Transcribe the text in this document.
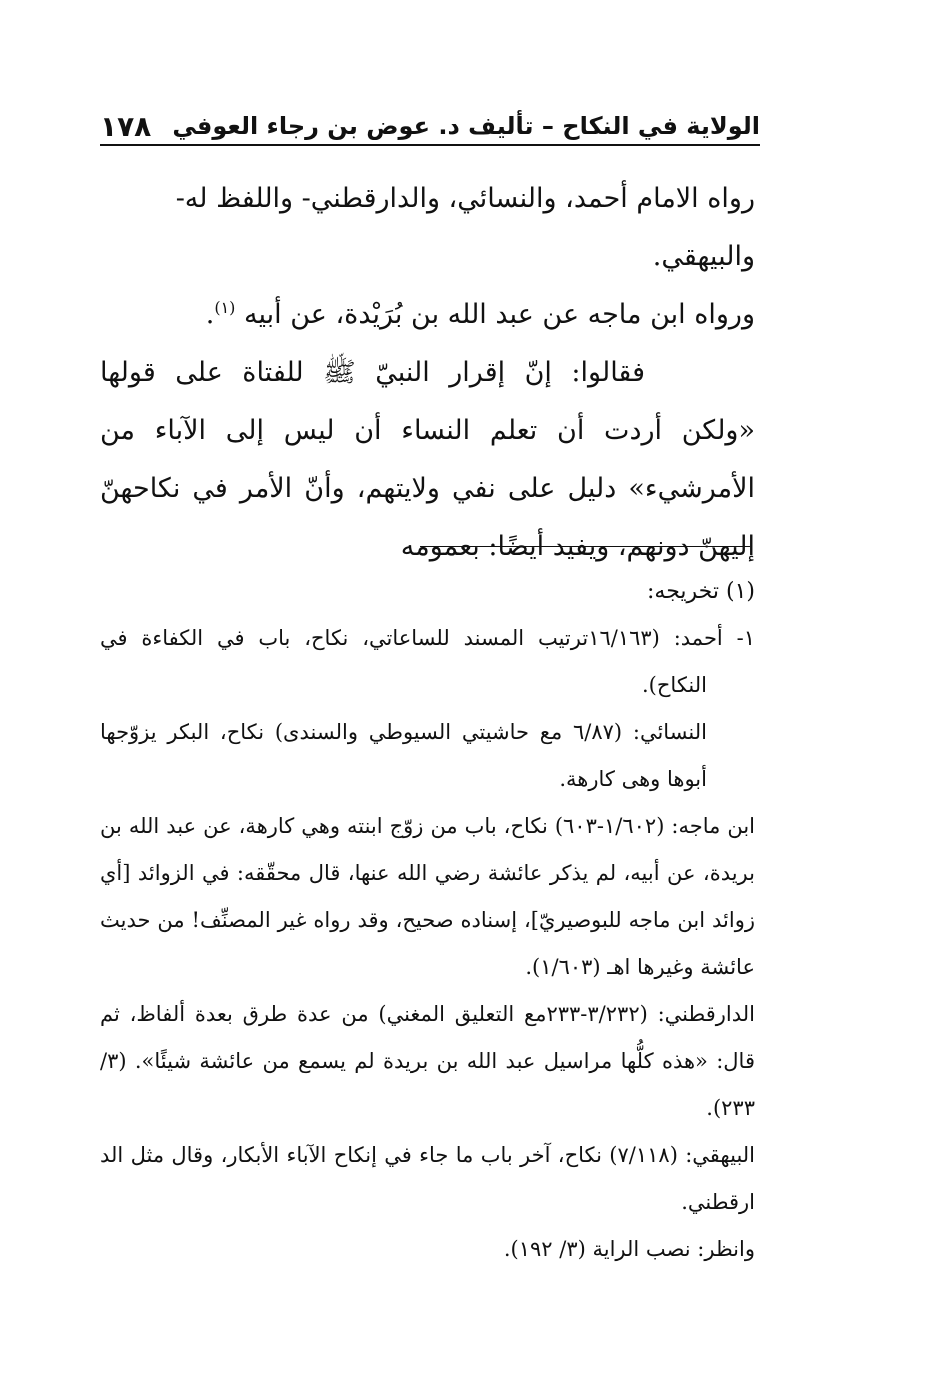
الولاية في النكاح – تأليف د. عوض بن رجاء العوفي
١٧٨

رواه الامام أحمد، والنسائي، والدارقطني- واللفظ له- والبيهقي.

ورواه ابن ماجه عن عبد الله بن بُرَيْدة، عن أبيه $^{(١)}$.

فقالوا: إنّ إقرار النبيّ ﷺ للفتاة على قولها «ولكن أردت أن تعلم النساء أن ليس إلى الآباء من الأمرشيء» دليل على نفي ولايتهم، وأنّ الأمر في نكاحهنّ إليهنّ دونهم، ويفيد أيضًا: بعمومه

(١) تخريجه:

١- أحمد: (١٦/١٦٣ترتيب المسند للساعاتي، نكاح، باب في الكفاءة في النكاح).

النسائي: (٦/٨٧ مع حاشيتي السيوطي والسندى) نكاح، البكر يزوّجها أبوها وهى كارهة.

ابن ماجه: (١/٦٠٢-٦٠٣) نكاح، باب من زوّج ابنته وهي كارهة، عن عبد الله بن بريدة، عن أبيه، لم يذكر عائشة رضي الله عنها، قال محقّقه: في الزوائد [أي زوائد ابن ماجه للبوصيريّ]، إسناده صحيح، وقد رواه غير المصنِّف! من حديث عائشة وغيرها اهـ (١/٦٠٣).

الدارقطني: (٣/٢٣٢-٢٣٣مع التعليق المغني) من عدة طرق بعدة ألفاظ، ثم قال: «هذه كلُّها مراسيل عبد الله بن بريدة لم يسمع من عائشة شيئًا». (٣/ ٢٣٣).

البيهقي: (٧/١١٨) نكاح، آخر باب ما جاء في إنكاح الآباء الأبكار، وقال مثل الد ارقطني.

وانظر: نصب الراية (٣/ ١٩٢).
